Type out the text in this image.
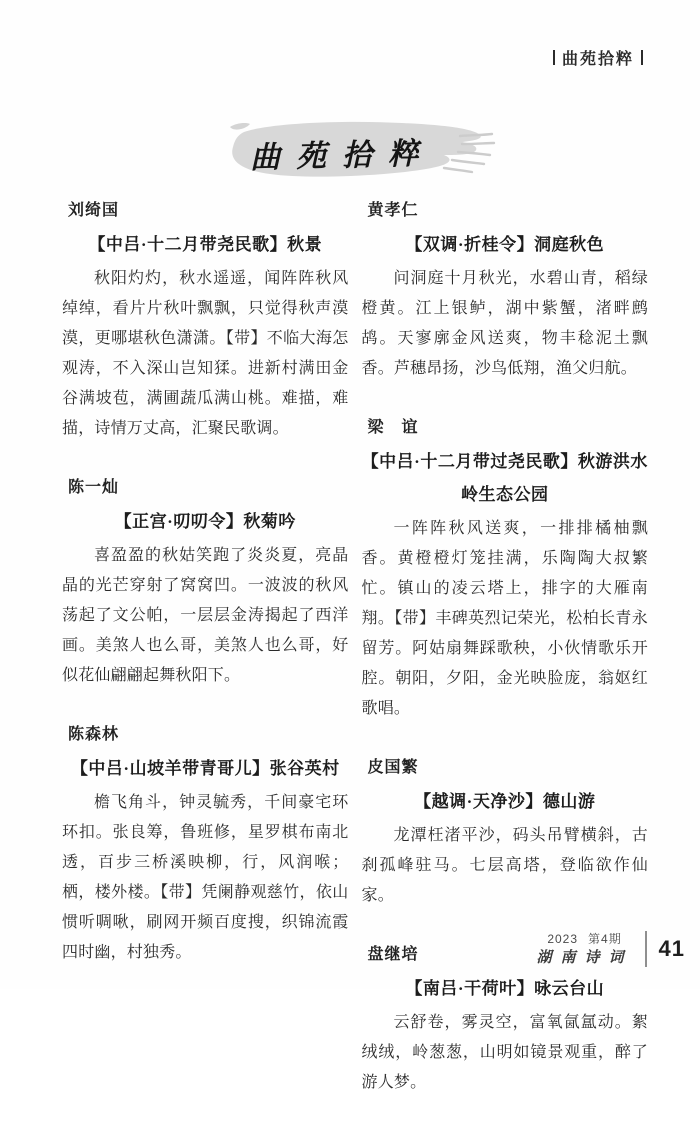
曲苑拾粹
曲苑拾粹
刘绮国
【中吕·十二月带尧民歌】秋景

秋阳灼灼，秋水遥遥，闻阵阵秋风绰绰，看片片秋叶飘飘，只觉得秋声漠漠，更哪堪秋色潇潇。【带】不临大海怎观涛，不入深山岂知猱。进新村满田金谷满坡苞，满圃蔬瓜满山桃。难描，难描，诗情万丈高，汇聚民歌调。

陈一灿
【正宫·叨叨令】秋菊吟

喜盈盈的秋姑笑跑了炎炎夏，亮晶晶的光芒穿射了窝窝凹。一波波的秋风荡起了文公帕，一层层金涛揭起了西洋画。美煞人也么哥，美煞人也么哥，好似花仙翩翩起舞秋阳下。

陈森林
【中吕·山坡羊带青哥儿】张谷英村

檐飞角斗，钟灵毓秀，千间豪宅环环扣。张良筹，鲁班修，星罗棋布南北透，百步三桥溪映柳，行，风润喉；栖，楼外楼。【带】凭阑静观慈竹，依山惯听啁啾，刷网开频百度搜，织锦流霞四时幽，村独秀。

黄孝仁
【双调·折桂令】洞庭秋色

问洞庭十月秋光，水碧山青，稻绿橙黄。江上银鲈，湖中紫蟹，渚畔鹧鸪。天寥廓金风送爽，物丰稔泥土飘香。芦穗昂扬，沙鸟低翔，渔父归航。

梁　谊
【中吕·十二月带过尧民歌】秋游洪水岭生态公园

一阵阵秋风送爽，一排排橘柚飘香。黄橙橙灯笼挂满，乐陶陶大叔繁忙。镇山的凌云塔上，排字的大雁南翔。【带】丰碑英烈记荣光，松柏长青永留芳。阿姑扇舞踩歌秧，小伙情歌乐开腔。朝阳，夕阳，金光映脸庞，翁妪红歌唱。

皮国繁
【越调·天净沙】德山游

龙潭枉渚平沙，码头吊臂横斜，古刹孤峰驻马。七层高塔，登临欲作仙家。

盘继培
【南吕·干荷叶】咏云台山

云舒卷，雾灵空，富氧氤氲动。絮绒绒，岭葱葱，山明如镜景观重，醉了游人梦。

2023 第4期
湖南诗词 41
